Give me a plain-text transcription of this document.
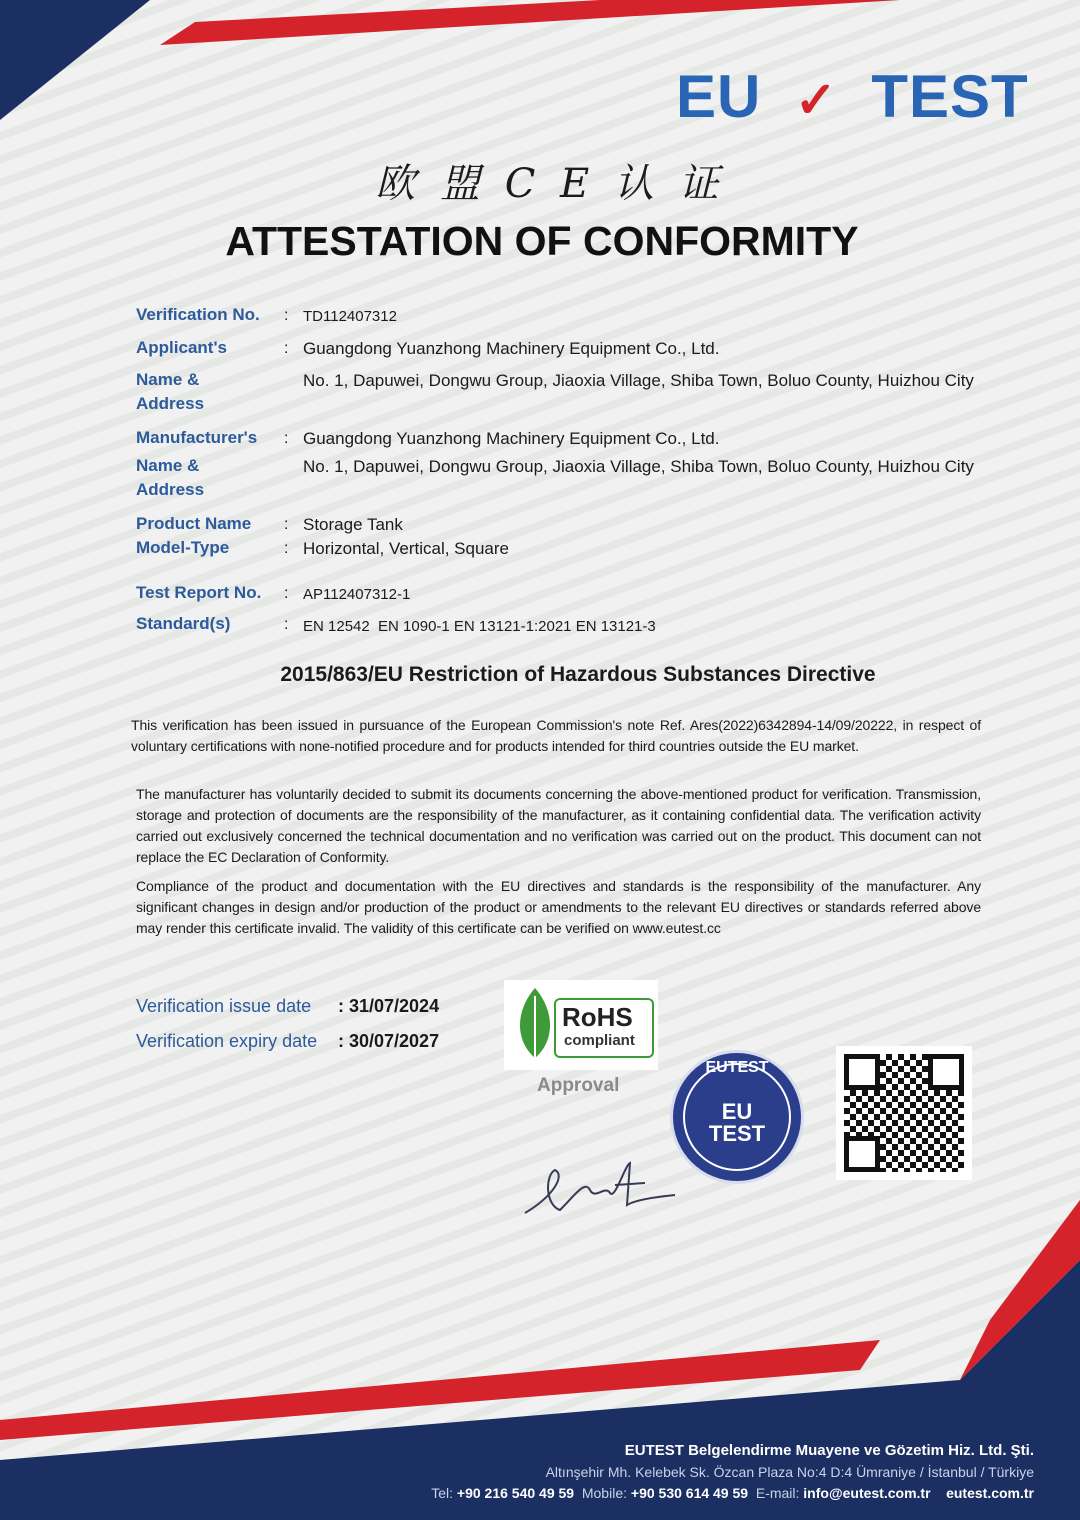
EU ✓ TEST
欧 盟 C E 认 证
ATTESTATION OF CONFORMITY
Verification No. : TD112407312
Applicant's
Name &
Address
: Guangdong Yuanzhong Machinery Equipment Co., Ltd.
No. 1, Dapuwei, Dongwu Group, Jiaoxia Village, Shiba Town, Boluo County, Huizhou City
Manufacturer's
Name &
Address
: Guangdong Yuanzhong Machinery Equipment Co., Ltd.
No. 1, Dapuwei, Dongwu Group, Jiaoxia Village, Shiba Town, Boluo County, Huizhou City
Product Name : Storage Tank
Model-Type	: Horizontal, Vertical, Square
Test Report No. : AP112407312-1
Standard(s)	: EN 12542  EN 1090-1 EN 13121-1:2021 EN 13121-3
2015/863/EU Restriction of Hazardous Substances Directive
This verification has been issued in pursuance of the European Commission's note Ref. Ares(2022)6342894-14/09/20222, in respect of voluntary certifications with none-notified procedure and for products intended for third countries outside the EU market.
The manufacturer has voluntarily decided to submit its documents concerning the above-mentioned product for verification. Transmission, storage and protection of documents are the responsibility of the manufacturer, as it containing confidential data. The verification activity carried out exclusively concerned the technical documentation and no verification was carried out on the product. This document can not replace the EC Declaration of Conformity.
Compliance of the product and documentation with the EU directives and standards is the responsibility of the manufacturer. Any significant changes in design and/or production of the product or amendments to the relevant EU directives or standards referred above may render this certificate invalid. The validity of this certificate can be verified on www.eutest.cc
Verification issue date : 31/07/2024
Verification expiry date : 30/07/2027
RoHS
compliant
Approval
EUTEST
EU TEST
EUTEST Belgelendirme Muayene ve Gözetim Hiz. Ltd. Şti.
Altınşehir Mh. Kelebek Sk. Özcan Plaza No:4 D:4 Ümraniye / İstanbul / Türkiye
Tel: +90 216 540 49 59 Mobile: +90 530 614 49 59 E-mail: info@eutest.com.tr eutest.com.tr
